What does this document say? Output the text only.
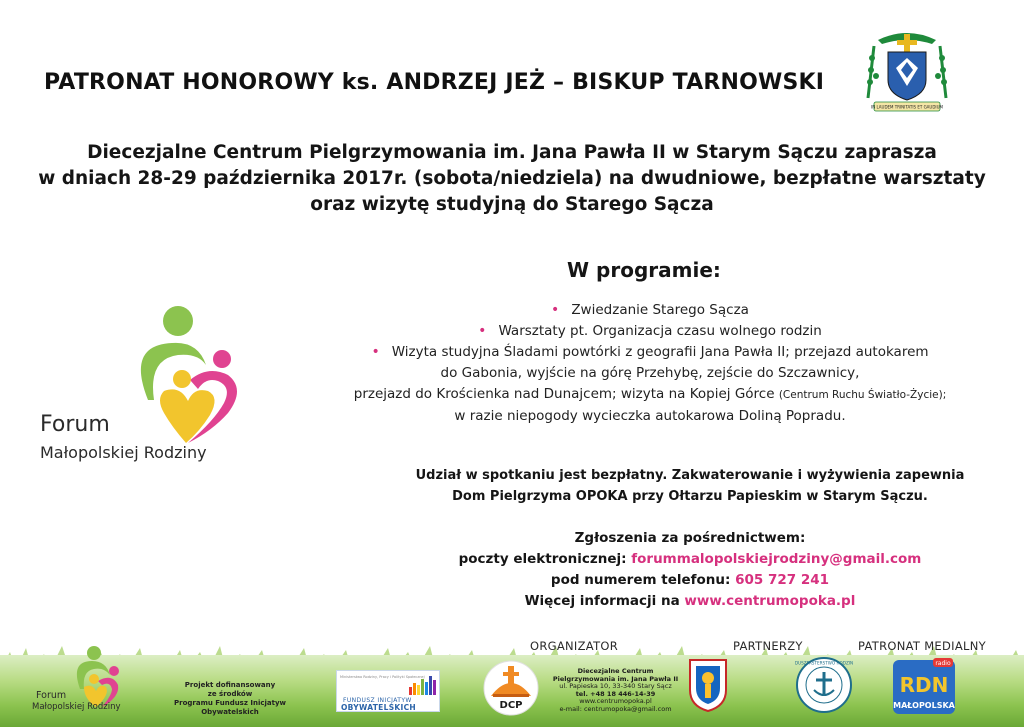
PATRONAT HONOROWY ks. ANDRZEJ JEŻ – BISKUP TARNOWSKI
IN LAUDEM TRINITATIS ET GAUDIUM
Diecezjalne Centrum Pielgrzymowania im. Jana Pawła II w Starym Sączu zaprasza
w dniach 28-29 października 2017r. (sobota/niedziela) na dwudniowe, bezpłatne warsztaty
oraz wizytę studyjną do Starego Sącza
W programie:
• Zwiedzanie Starego Sącza
• Warsztaty pt. Organizacja czasu wolnego rodzin
• Wizyta studyjna Śladami powtórki z geografii Jana Pawła II; przejazd autokarem
do Gabonia, wyjście na górę Przehybę, zejście do Szczawnicy,
przejazd do Krościenka nad Dunajcem; wizyta na Kopiej Górce (Centrum Ruchu Światło-Życie);
w razie niepogody wycieczka autokarowa Doliną Popradu.
Udział w spotkaniu jest bezpłatny. Zakwaterowanie i wyżywienia zapewnia
Dom Pielgrzyma OPOKA przy Ołtarzu Papieskim w Starym Sączu.
Zgłoszenia za pośrednictwem:
poczty elektronicznej: forummalopolskiejrodziny@gmail.com
pod numerem telefonu: 605 727 241
Więcej informacji na www.centrumopoka.pl
Forum
Małopolskiej Rodziny
ORGANIZATOR	PARTNERZY	PATRONAT MEDIALNY
Forum
Małopolskiej Rodziny
Projekt dofinansowany
ze środków
Programu Fundusz Inicjatyw Obywatelskich
Ministerstwo Rodziny, Pracy i Polityki Społecznej
FUNDUSZ INICJATYW
OBYWATELSKICH	DCP
Diecezjalne Centrum
Pielgrzymowania im. Jana Pawła II
ul. Papieska 10, 33-340 Stary Sącz
tel. +48 18 446-14-39
www.centrumopoka.pl
e-mail: centrumopoka@gmail.com
DUSZPASTERSTWO RODZIN	radio
RDN
MAŁOPOLSKA
